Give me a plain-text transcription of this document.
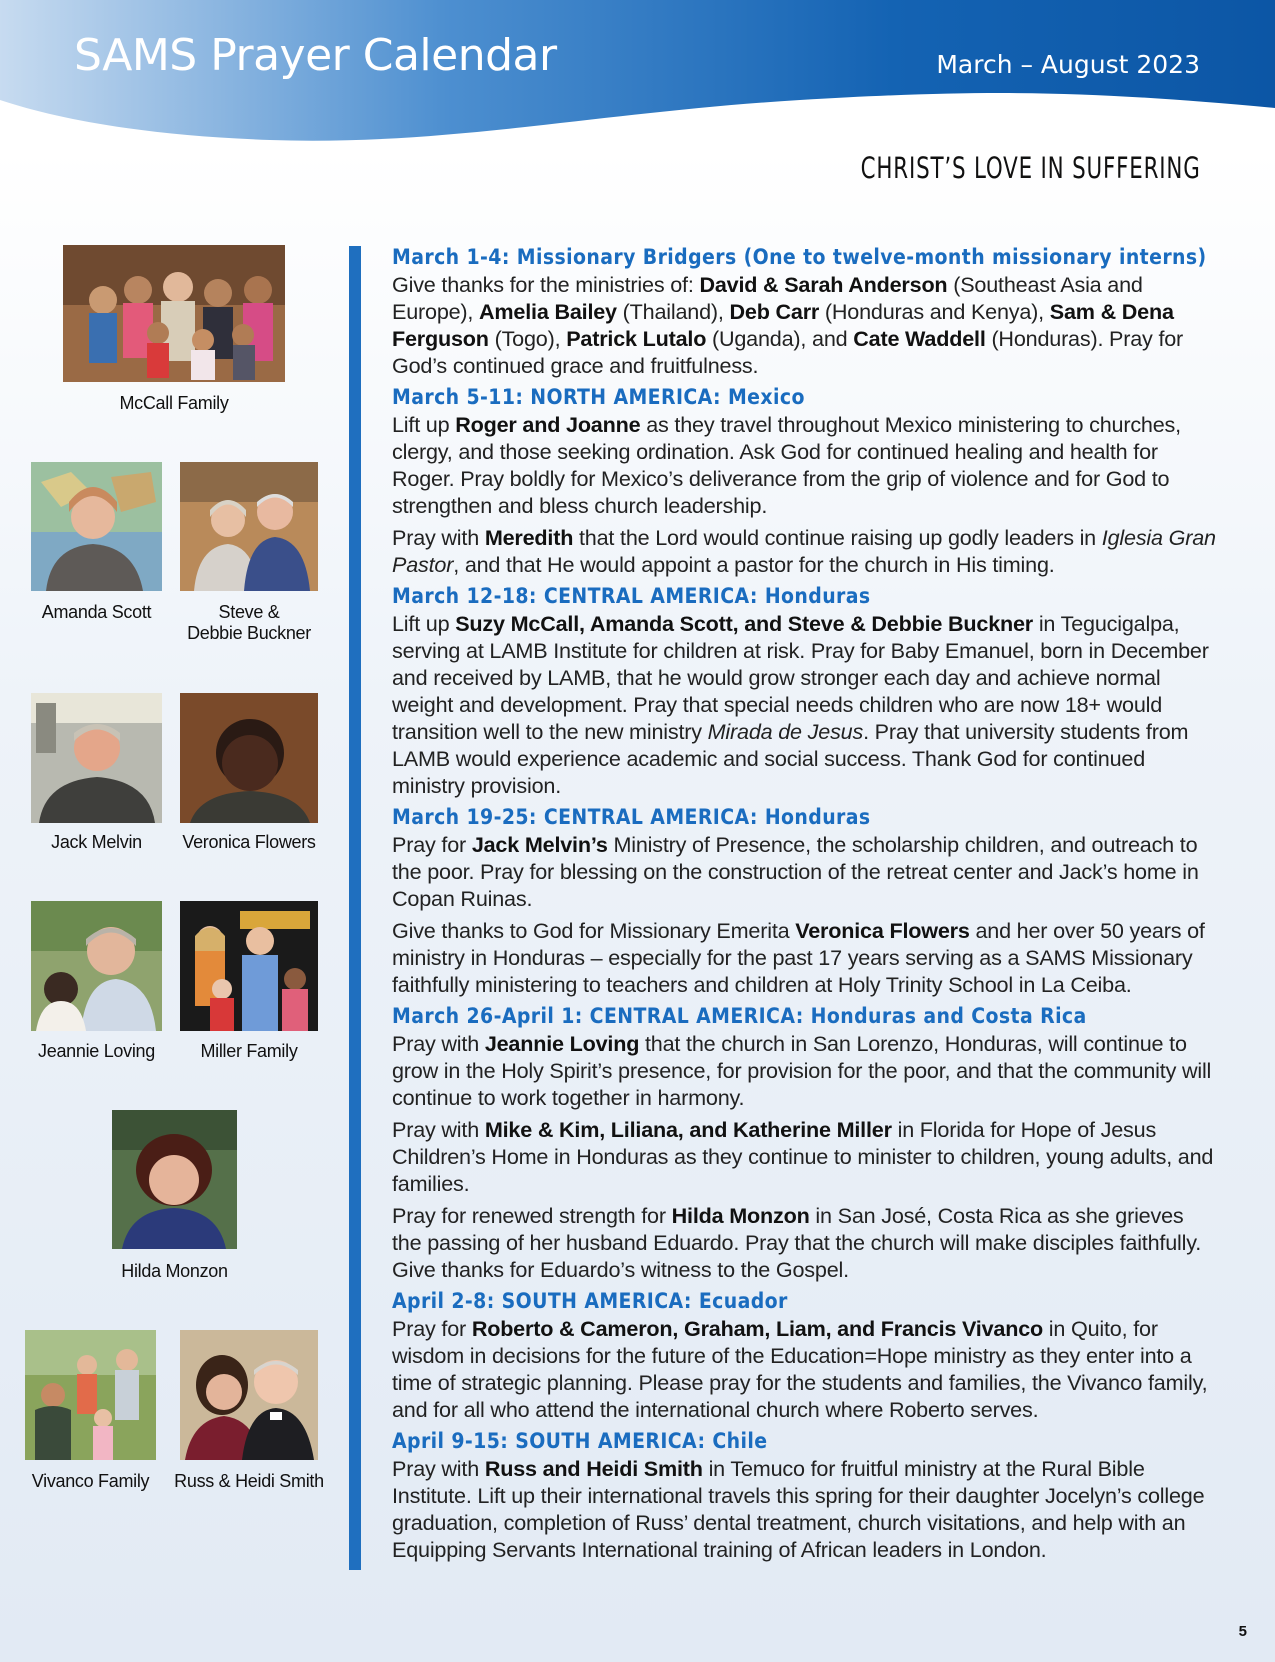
SAMS Prayer Calendar	March – August 2023
CHRIST’S LOVE IN SUFFERING
McCall Family
Amanda Scott	Steve &
Debbie Buckner
Jack Melvin	Veronica Flowers
Jeannie Loving	Miller Family
Hilda Monzon
Vivanco Family	Russ & Heidi Smith

March 1-4: Missionary Bridgers (One to twelve-month missionary interns)

Give thanks for the ministries of: David & Sarah Anderson (Southeast Asia and Europe), Amelia Bailey (Thailand), Deb Carr (Honduras and Kenya), Sam & Dena Ferguson (Togo), Patrick Lutalo (Uganda), and Cate Waddell (Honduras). Pray for God’s continued grace and fruitfulness.

March 5-11: NORTH AMERICA: Mexico

Lift up Roger and Joanne as they travel throughout Mexico ministering to churches, clergy, and those seeking ordination. Ask God for continued healing and health for Roger. Pray boldly for Mexico’s deliverance from the grip of violence and for God to strengthen and bless church leadership.

Pray with Meredith that the Lord would continue raising up godly leaders in Iglesia Gran Pastor, and that He would appoint a pastor for the church in His timing.

March 12-18: CENTRAL AMERICA: Honduras

Lift up Suzy McCall, Amanda Scott, and Steve & Debbie Buckner in Tegucigalpa, serving at LAMB Institute for children at risk. Pray for Baby Emanuel, born in December and received by LAMB, that he would grow stronger each day and achieve normal weight and development. Pray that special needs children who are now 18+ would transition well to the new ministry Mirada de Jesus. Pray that university students from LAMB would experience academic and social success. Thank God for continued ministry provision.

March 19-25: CENTRAL AMERICA: Honduras

Pray for Jack Melvin’s Ministry of Presence, the scholarship children, and outreach to the poor. Pray for blessing on the construction of the retreat center and Jack’s home in Copan Ruinas.

Give thanks to God for Missionary Emerita Veronica Flowers and her over 50 years of ministry in Honduras – especially for the past 17 years serving as a SAMS Missionary faithfully ministering to teachers and children at Holy Trinity School in La Ceiba.

March 26-April 1: CENTRAL AMERICA: Honduras and Costa Rica

Pray with Jeannie Loving that the church in San Lorenzo, Honduras, will continue to grow in the Holy Spirit’s presence, for provision for the poor, and that the community will continue to work together in harmony.

Pray with Mike & Kim, Liliana, and Katherine Miller in Florida for Hope of Jesus Children’s Home in Honduras as they continue to minister to children, young adults, and families.

Pray for renewed strength for Hilda Monzon in San José, Costa Rica as she grieves the passing of her husband Eduardo. Pray that the church will make disciples faithfully. Give thanks for Eduardo’s witness to the Gospel.

April 2-8: SOUTH AMERICA: Ecuador

Pray for Roberto & Cameron, Graham, Liam, and Francis Vivanco in Quito, for wisdom in decisions for the future of the Education=Hope ministry as they enter into a time of strategic planning. Please pray for the students and families, the Vivanco family, and for all who attend the international church where Roberto serves.

April 9-15: SOUTH AMERICA: Chile

Pray with Russ and Heidi Smith in Temuco for fruitful ministry at the Rural Bible Institute. Lift up their international travels this spring for their daughter Jocelyn’s college graduation, completion of Russ’ dental treatment, church visitations, and help with an Equipping Servants International training of African leaders in London.

5
